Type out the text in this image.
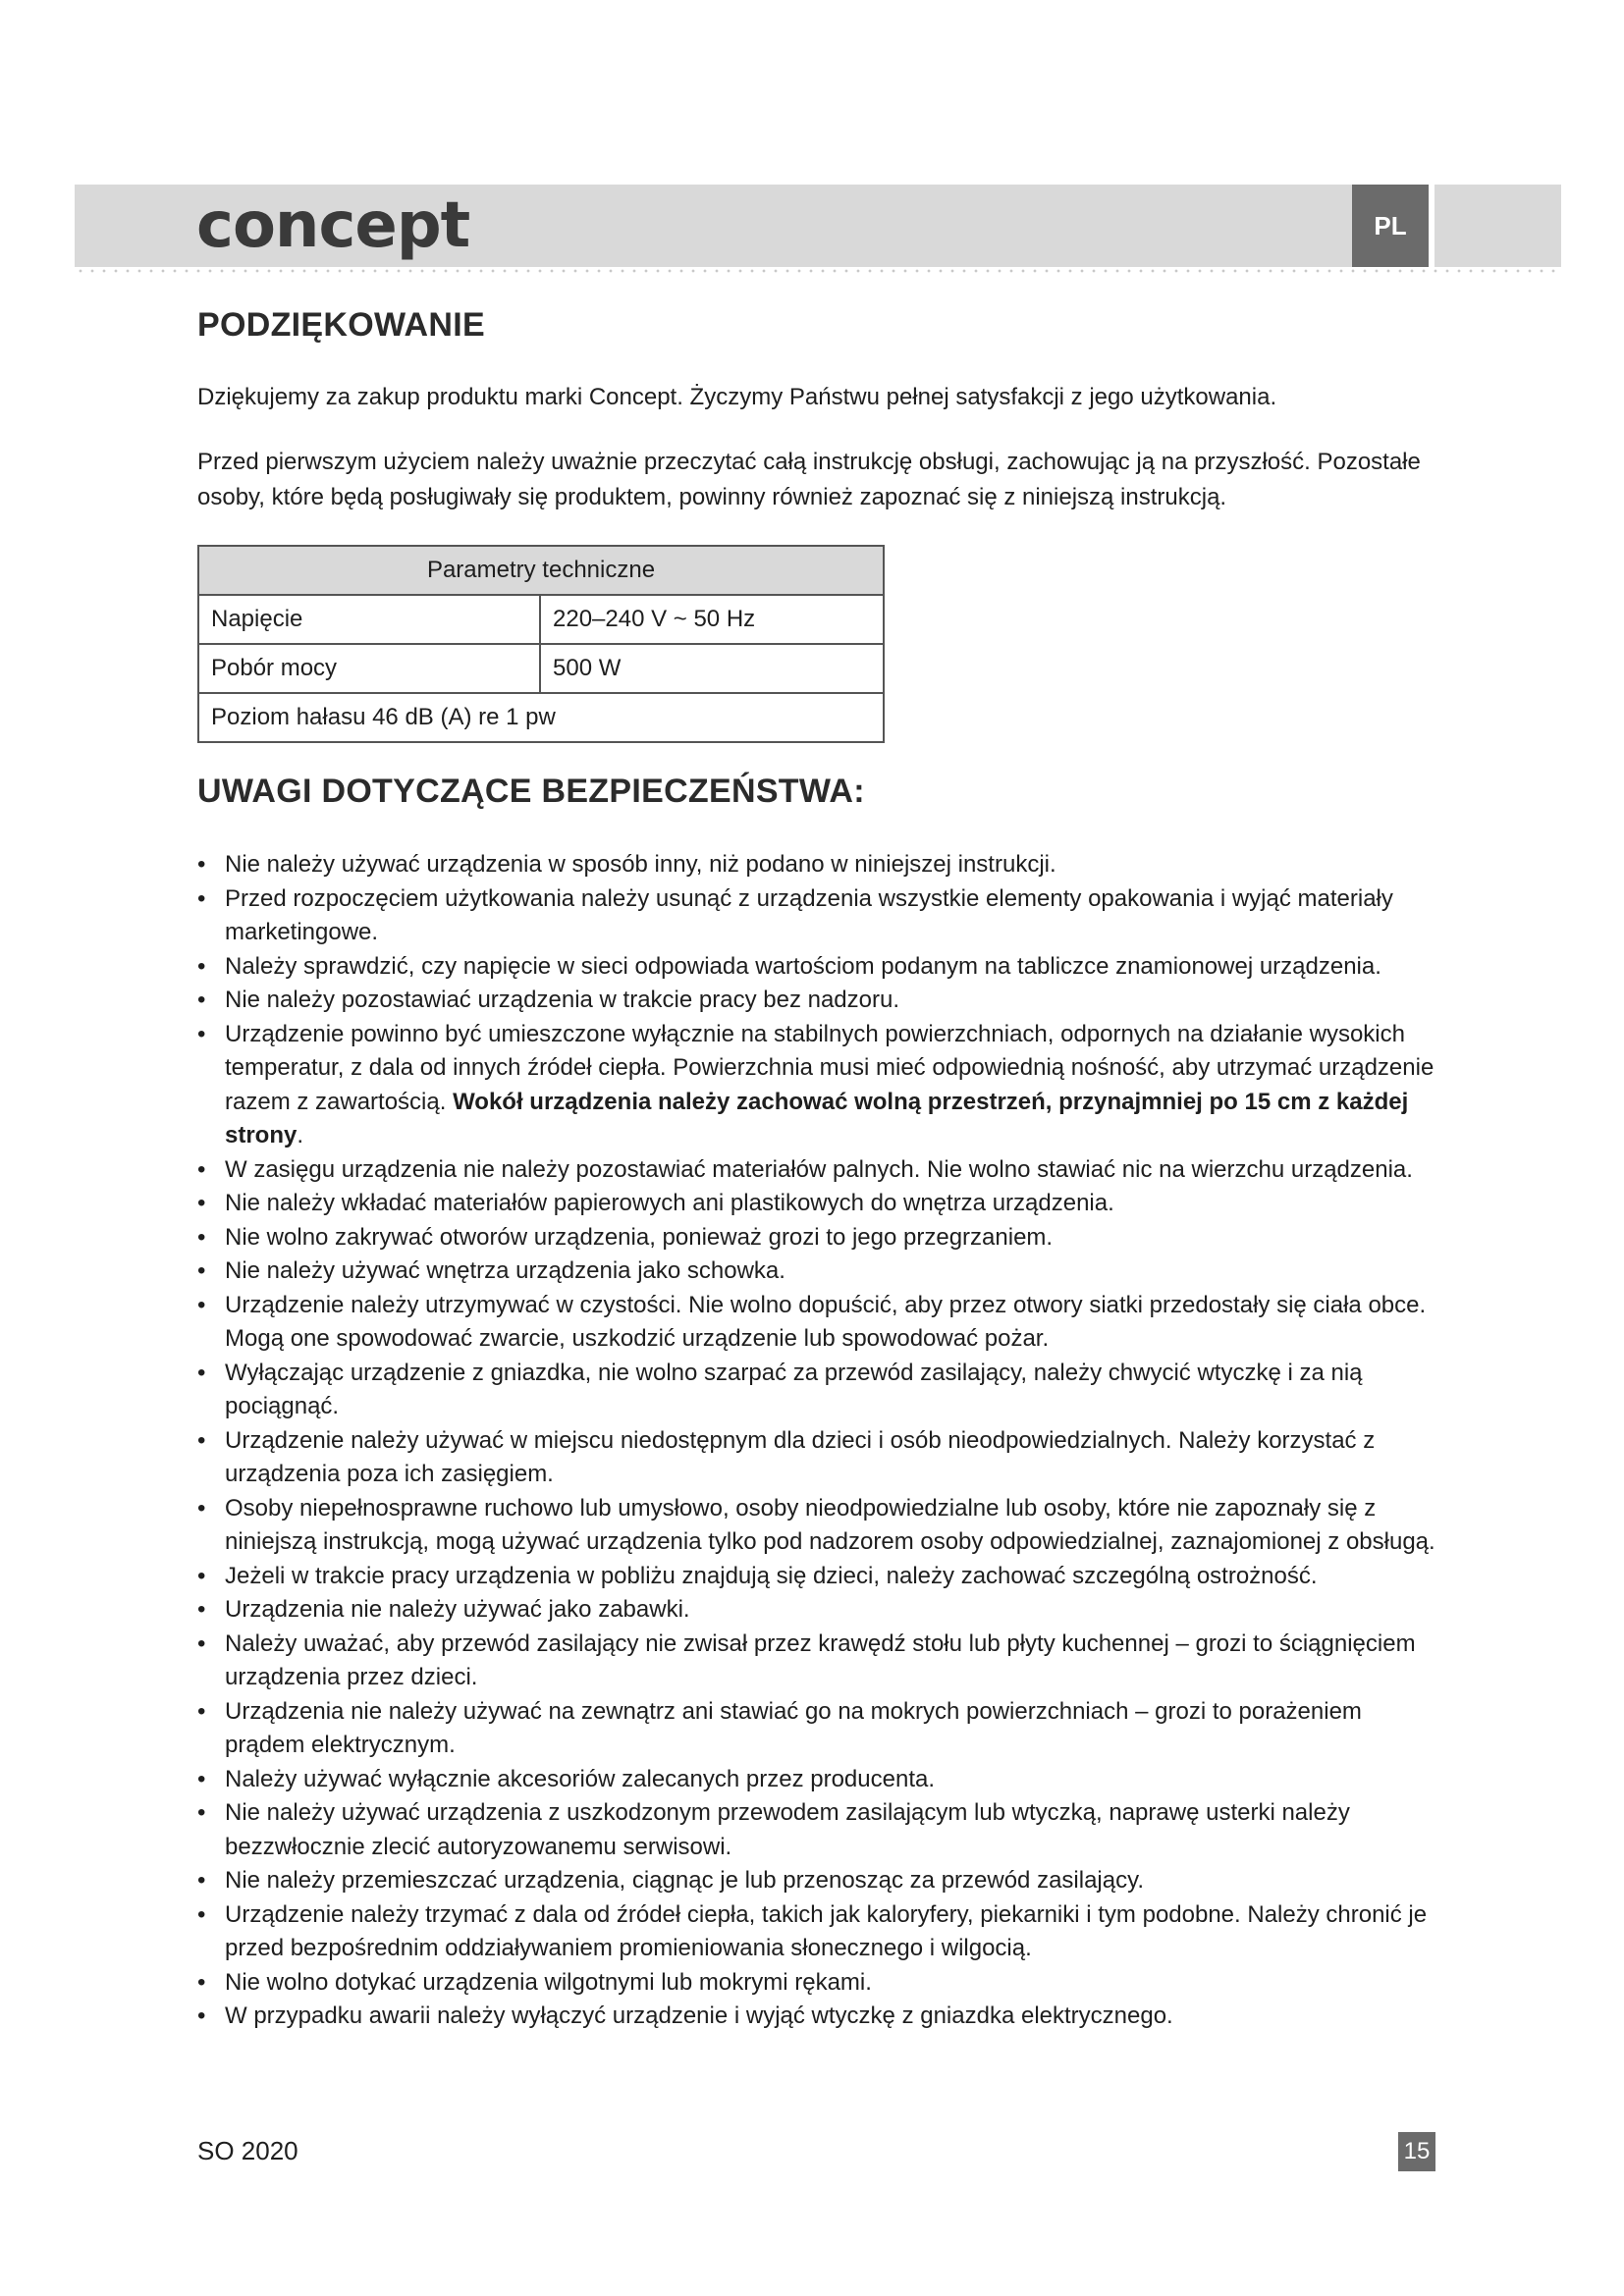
concept	PL
PODZIĘKOWANIE

Dziękujemy za zakup produktu marki Concept. Życzymy Państwu pełnej satysfakcji z jego użytkowania.

Przed pierwszym użyciem należy uważnie przeczytać całą instrukcję obsługi, zachowując ją na przyszłość. Pozostałe osoby, które będą posługiwały się produktem, powinny również zapoznać się z niniejszą instrukcją.

Parametry techniczne	
Napięcie	220–240 V ~ 50 Hz
Pobór mocy	500 W
Poziom hałasu 46 dB (A) re 1 pw	
UWAGI DOTYCZĄCE BEZPIECZEŃSTWA:
• Nie należy używać urządzenia w sposób inny, niż podano w niniejszej instrukcji.
• Przed rozpoczęciem użytkowania należy usunąć z urządzenia wszystkie elementy opakowania i wyjąć materiały marketingowe.
• Należy sprawdzić, czy napięcie w sieci odpowiada wartościom podanym na tabliczce znamionowej urządzenia.
• Nie należy pozostawiać urządzenia w trakcie pracy bez nadzoru.
• Urządzenie powinno być umieszczone wyłącznie na stabilnych powierzchniach, odpornych na działanie wysokich temperatur, z dala od innych źródeł ciepła. Powierzchnia musi mieć odpowiednią nośność, aby utrzymać urządzenie razem z zawartością. Wokół urządzenia należy zachować wolną przestrzeń, przynajmniej po 15 cm z każdej strony.
• W zasięgu urządzenia nie należy pozostawiać materiałów palnych. Nie wolno stawiać nic na wierzchu urządzenia.
• Nie należy wkładać materiałów papierowych ani plastikowych do wnętrza urządzenia.
• Nie wolno zakrywać otworów urządzenia, ponieważ grozi to jego przegrzaniem.
• Nie należy używać wnętrza urządzenia jako schowka.
• Urządzenie należy utrzymywać w czystości. Nie wolno dopuścić, aby przez otwory siatki przedostały się ciała obce. Mogą one spowodować zwarcie, uszkodzić urządzenie lub spowodować pożar.
• Wyłączając urządzenie z gniazdka, nie wolno szarpać za przewód zasilający, należy chwycić wtyczkę i za nią pociągnąć.
• Urządzenie należy używać w miejscu niedostępnym dla dzieci i osób nieodpowiedzialnych. Należy korzystać z urządzenia poza ich zasięgiem.
• Osoby niepełnosprawne ruchowo lub umysłowo, osoby nieodpowiedzialne lub osoby, które nie zapoznały się z niniejszą instrukcją, mogą używać urządzenia tylko pod nadzorem osoby odpowiedzialnej, zaznajomionej z obsługą.
• Jeżeli w trakcie pracy urządzenia w pobliżu znajdują się dzieci, należy zachować szczególną ostrożność.
• Urządzenia nie należy używać jako zabawki.
• Należy uważać, aby przewód zasilający nie zwisał przez krawędź stołu lub płyty kuchennej – grozi to ściągnięciem urządzenia przez dzieci.
• Urządzenia nie należy używać na zewnątrz ani stawiać go na mokrych powierzchniach – grozi to porażeniem prądem elektrycznym.
• Należy używać wyłącznie akcesoriów zalecanych przez producenta.
• Nie należy używać urządzenia z uszkodzonym przewodem zasilającym lub wtyczką, naprawę usterki należy bezzwłocznie zlecić autoryzowanemu serwisowi.
• Nie należy przemieszczać urządzenia, ciągnąc je lub przenosząc za przewód zasilający.
• Urządzenie należy trzymać z dala od źródeł ciepła, takich jak kaloryfery, piekarniki i tym podobne. Należy chronić je przed bezpośrednim oddziaływaniem promieniowania słonecznego i wilgocią.
• Nie wolno dotykać urządzenia wilgotnymi lub mokrymi rękami.
• W przypadku awarii należy wyłączyć urządzenie i wyjąć wtyczkę z gniazdka elektrycznego.
SO 2020	15
